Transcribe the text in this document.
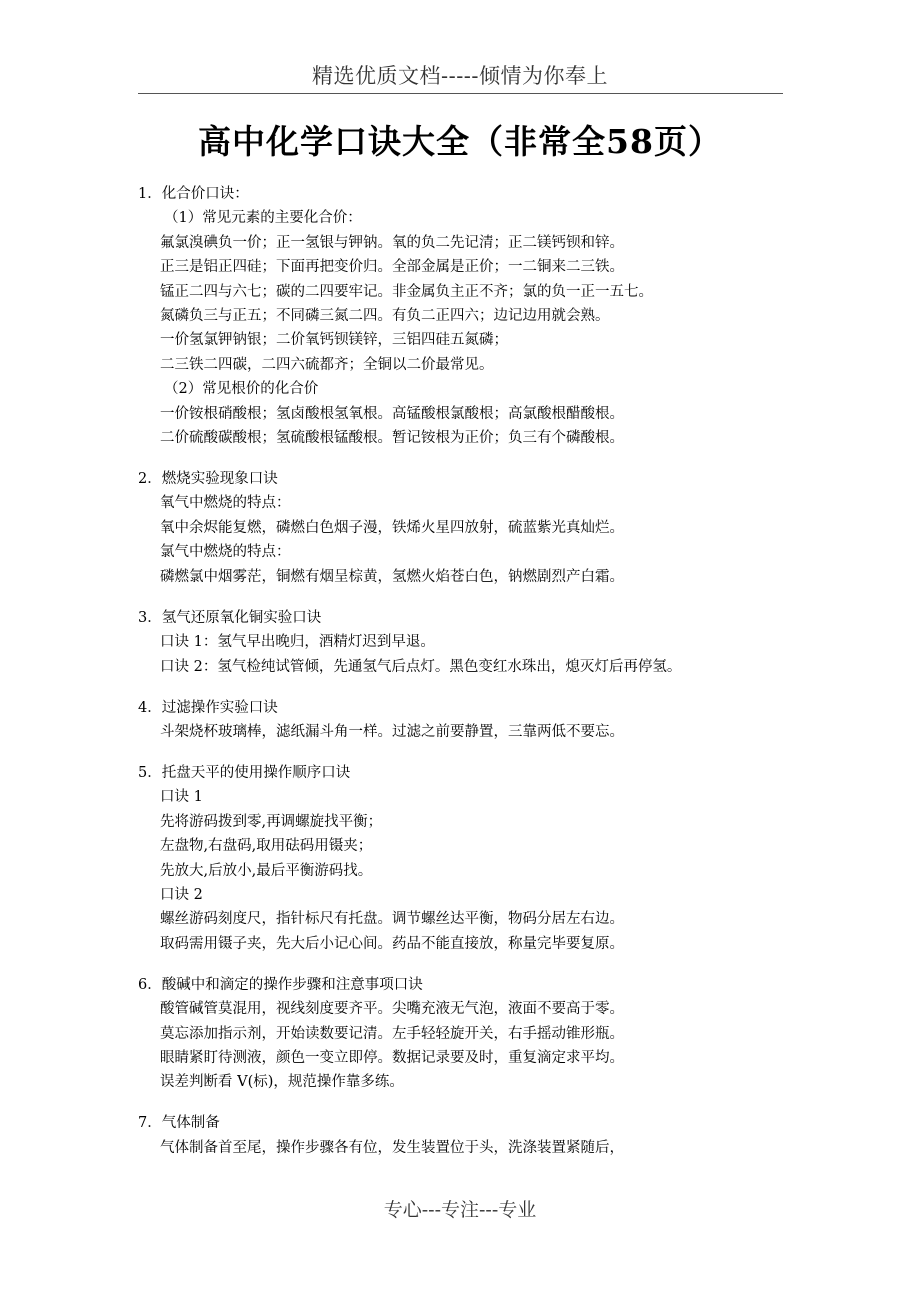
精选优质文档-----倾情为你奉上
高中化学口诀大全（非常全58页）
1．化合价口诀：
（1）常见元素的主要化合价：
氟氯溴碘负一价；正一氢银与钾钠。氧的负二先记清；正二镁钙钡和锌。
正三是铝正四硅；下面再把变价归。全部金属是正价；一二铜来二三铁。
锰正二四与六七；碳的二四要牢记。非金属负主正不齐；氯的负一正一五七。
氮磷负三与正五；不同磷三氮二四。有负二正四六；边记边用就会熟。
一价氢氯钾钠银；二价氧钙钡镁锌，三铝四硅五氮磷；
二三铁二四碳，二四六硫都齐；全铜以二价最常见。
（2）常见根价的化合价
一价铵根硝酸根；氢卤酸根氢氧根。高锰酸根氯酸根；高氯酸根醋酸根。
二价硫酸碳酸根；氢硫酸根锰酸根。暂记铵根为正价；负三有个磷酸根。
2．燃烧实验现象口诀
氧气中燃烧的特点：
氧中余烬能复燃，磷燃白色烟子漫，铁烯火星四放射，硫蓝紫光真灿烂。
氯气中燃烧的特点：
磷燃氯中烟雾茫，铜燃有烟呈棕黄，氢燃火焰苍白色，钠燃剧烈产白霜。
3．氢气还原氧化铜实验口诀
口诀 1：氢气早出晚归，酒精灯迟到早退。
口诀 2：氢气检纯试管倾，先通氢气后点灯。黑色变红水珠出，熄灭灯后再停氢。
4．过滤操作实验口诀
斗架烧杯玻璃棒，滤纸漏斗角一样。过滤之前要静置，三靠两低不要忘。
5．托盘天平的使用操作顺序口诀
口诀 1
先将游码拨到零,再调螺旋找平衡；
左盘物,右盘码,取用砝码用镊夹；
先放大,后放小,最后平衡游码找。
口诀 2
螺丝游码刻度尺，指针标尺有托盘。调节螺丝达平衡，物码分居左右边。
取码需用镊子夹，先大后小记心间。药品不能直接放，称量完毕要复原。
6．酸碱中和滴定的操作步骤和注意事项口诀
酸管碱管莫混用，视线刻度要齐平。尖嘴充液无气泡，液面不要高于零。
莫忘添加指示剂，开始读数要记清。左手轻轻旋开关，右手摇动锥形瓶。
眼睛紧盯待测液，颜色一变立即停。数据记录要及时，重复滴定求平均。
误差判断看 V(标)，规范操作靠多练。
7．气体制备
气体制备首至尾，操作步骤各有位，发生装置位于头，洗涤装置紧随后，
专心---专注---专业
